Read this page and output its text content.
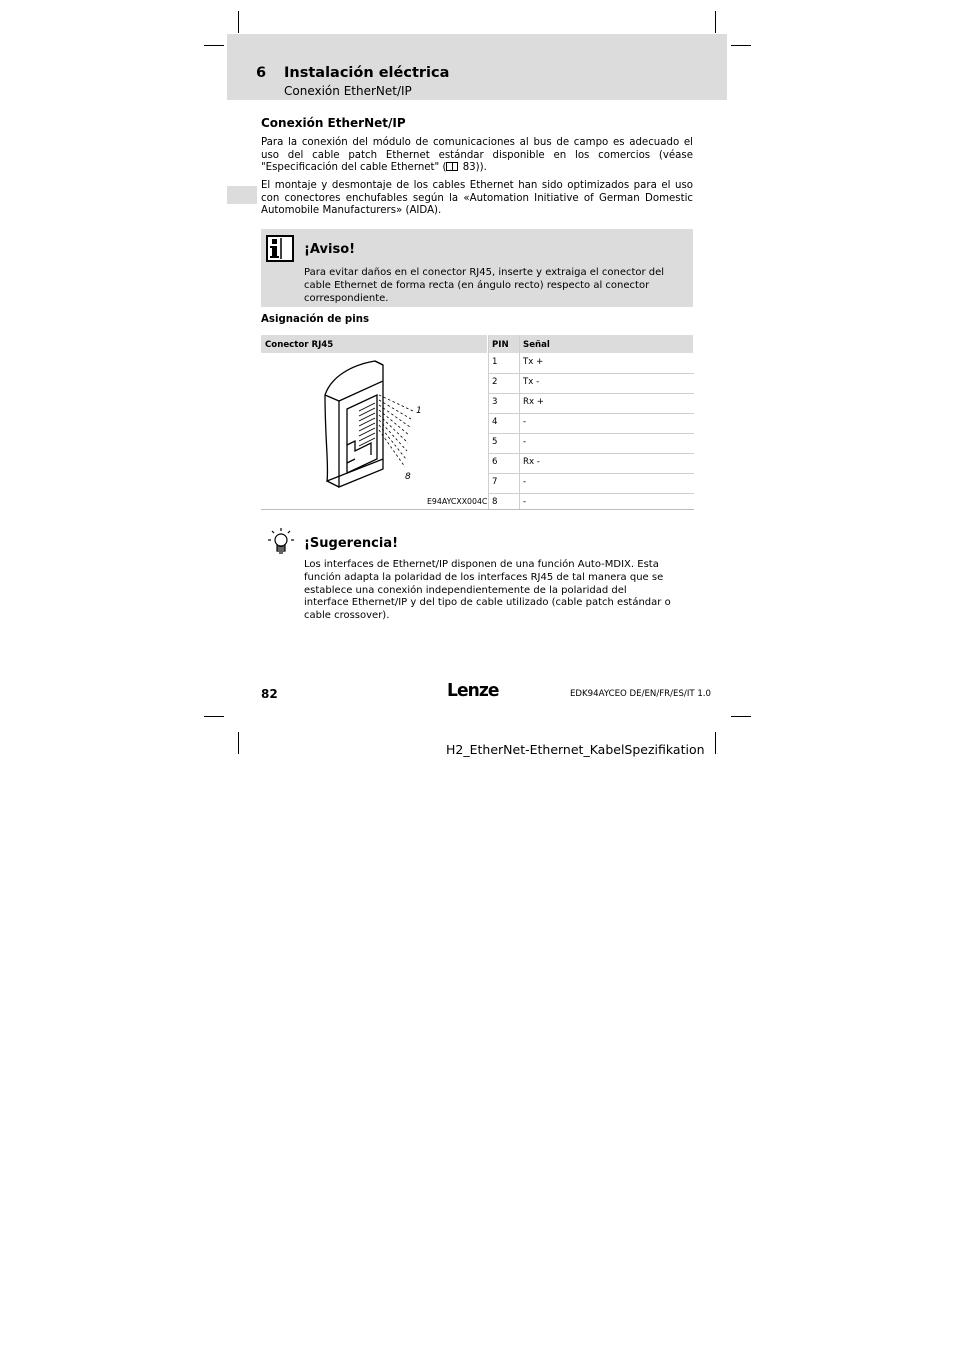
6 Instalación eléctrica
Conexión EtherNet/IP
Conexión EtherNet/IP

Para la conexión del módulo de comunicaciones al bus de campo es adecuado el uso del cable patch Ethernet estándar disponible en los comercios (véase "Especificación del cable Ethernet" ( 83)).

El montaje y desmontaje de los cables Ethernet han sido optimizados para el uso con conectores enchufables según la «Automation Initiative of German Domestic Automobile Manufacturers» (AIDA).

¡Aviso!

Para evitar daños en el conector RJ45, inserte y extraiga el conector del cable Ethernet de forma recta (en ángulo recto) respecto al conector correspondiente.

Asignación de pins
Conector RJ45	PIN Señal
1	Tx +
2	Tx -
3	Rx +
4	-
5	-
6	Rx -
7	-
8	-
1
8
E94AYCXX004C
¡Sugerencia!

Los interfaces de Ethernet/IP disponen de una función Auto-MDIX. Esta función adapta la polaridad de los interfaces RJ45 de tal manera que se establece una conexión independientemente de la polaridad del interface Ethernet/IP y del tipo de cable utilizado (cable patch estándar o cable crossover).

82	Lenze	EDK94AYCEO DE/EN/FR/ES/IT 1.0
H2_EtherNet-Ethernet_KabelSpezifikation
